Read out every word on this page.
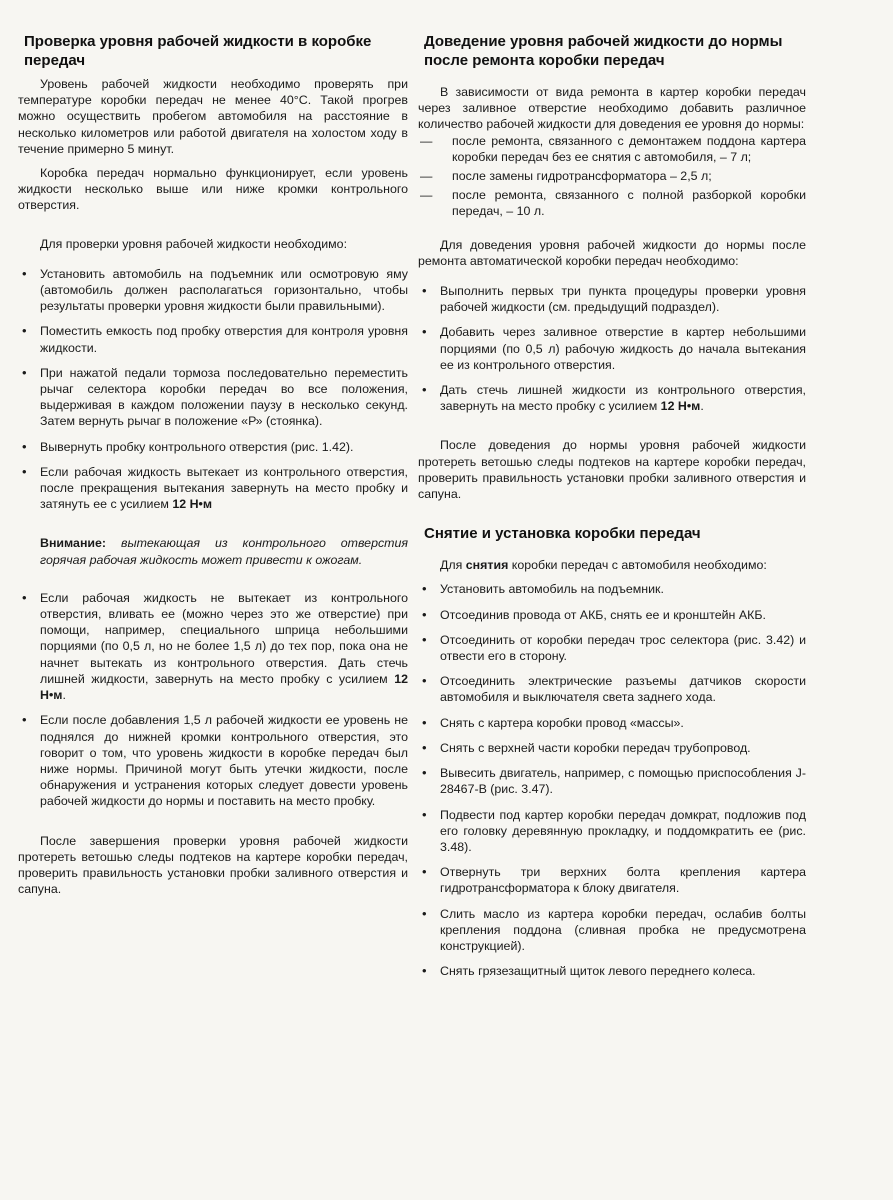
Проверка уровня рабочей жидкости в коробке передач

Уровень рабочей жидкости необходимо проверять при температуре коробки передач не менее 40°С. Такой прогрев можно осуществить пробегом автомобиля на расстояние в несколько километров или работой двигателя на холостом ходу в течение примерно 5 минут.

Коробка передач нормально функционирует, если уровень жидкости несколько выше или ниже кромки контрольного отверстия.

Для проверки уровня рабочей жидкости необходимо:

• Установить автомобиль на подъемник или осмотровую яму (автомобиль должен располагаться горизонтально, чтобы результаты проверки уровня жидкости были правильными).
• Поместить емкость под пробку отверстия для контроля уровня жидкости.
• При нажатой педали тормоза последовательно переместить рычаг селектора коробки передач во все положения, выдерживая в каждом положении паузу в несколько секунд. Затем вернуть рычаг в положение «Р» (стоянка).
• Вывернуть пробку контрольного отверстия (рис. 1.42).
• Если рабочая жидкость вытекает из контрольного отверстия, после прекращения вытекания завернуть на место пробку и затянуть ее с усилием 12 Н•м
Внимание: вытекающая из контрольного отверстия горячая рабочая жидкость может привести к ожогам.
• Если рабочая жидкость не вытекает из контрольного отверстия, вливать ее (можно через это же отверстие) при помощи, например, специального шприца небольшими порциями (по 0,5 л, но не более 1,5 л) до тех пор, пока она не начнет вытекать из контрольного отверстия. Дать стечь лишней жидкости, завернуть на место пробку с усилием 12 Н•м.
• Если после добавления 1,5 л рабочей жидкости ее уровень не поднялся до нижней кромки контрольного отверстия, это говорит о том, что уровень жидкости в коробке передач был ниже нормы. Причиной могут быть утечки жидкости, после обнаружения и устранения которых следует довести уровень рабочей жидкости до нормы и поставить на место пробку.

После завершения проверки уровня рабочей жидкости протереть ветошью следы подтеков на картере коробки передач, проверить правильность установки пробки заливного отверстия и сапуна.

Доведение уровня рабочей жидкости до нормы после ремонта коробки передач

В зависимости от вида ремонта в картер коробки передач через заливное отверстие необходимо добавить различное количество рабочей жидкости для доведения ее уровня до нормы:

— после ремонта, связанного с демонтажем поддона картера коробки передач без ее снятия с автомобиля, – 7 л;
— после замены гидротрансформатора – 2,5 л;
— после ремонта, связанного с полной разборкой коробки передач, – 10 л.

Для доведения уровня рабочей жидкости до нормы после ремонта автоматической коробки передач необходимо:

• Выполнить первых три пункта процедуры проверки уровня рабочей жидкости (см. предыдущий подраздел).
• Добавить через заливное отверстие в картер небольшими порциями (по 0,5 л) рабочую жидкость до начала вытекания ее из контрольного отверстия.
• Дать стечь лишней жидкости из контрольного отверстия, завернуть на место пробку с усилием 12 Н•м.

После доведения до нормы уровня рабочей жидкости протереть ветошью следы подтеков на картере коробки передач, проверить правильность установки пробки заливного отверстия и сапуна.

Снятие и установка коробки передач

Для снятия коробки передач с автомобиля необходимо:

• Установить автомобиль на подъемник.
• Отсоединив провода от АКБ, снять ее и кронштейн АКБ.
• Отсоединить от коробки передач трос селектора (рис. 3.42) и отвести его в сторону.
• Отсоединить электрические разъемы датчиков скорости автомобиля и выключателя света заднего хода.
• Снять с картера коробки провод «массы».
• Снять с верхней части коробки передач трубопровод.
• Вывесить двигатель, например, с помощью приспособления J-28467-B (рис. 3.47).
• Подвести под картер коробки передач домкрат, подложив под его головку деревянную прокладку, и поддомкратить ее (рис. 3.48).
• Отвернуть три верхних болта крепления картера гидротрансформатора к блоку двигателя.
• Слить масло из картера коробки передач, ослабив болты крепления поддона (сливная пробка не предусмотрена конструкцией).
• Снять грязезащитный щиток левого переднего колеса.
